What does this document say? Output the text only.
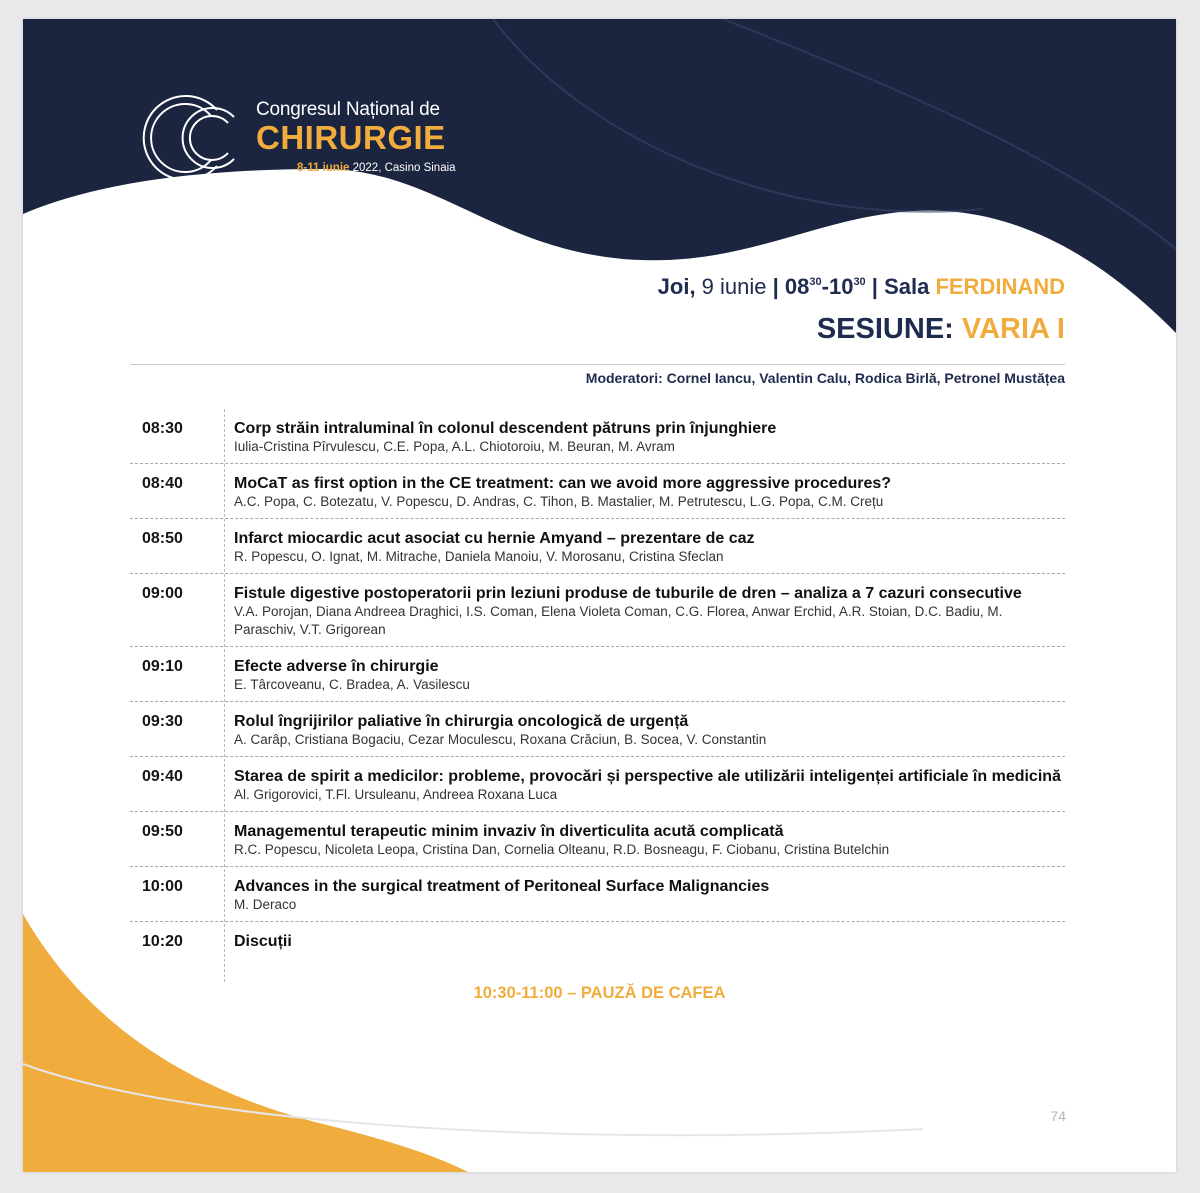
Congresul Național de
CHIRURGIE
8-11 iunie 2022, Casino Sinaia
Joi, 9 iunie | $08^{30}-10^{30}$ | Sala FERDINAND
SESIUNE: VARIA I
Moderatori: Cornel Iancu, Valentin Calu, Rodica Birlă, Petronel Mustățea
08:30	Corp străin intraluminal în colonul descendent pătruns prin înjunghiere
Iulia-Cristina Pîrvulescu, C.E. Popa, A.L. Chiotoroiu, M. Beuran, M. Avram
08:40	MoCaT as first option in the CE treatment: can we avoid more aggressive procedures?
A.C. Popa, C. Botezatu, V. Popescu, D. Andras, C. Tihon, B. Mastalier, M. Petrutescu, L.G. Popa, C.M. Crețu
08:50	Infarct miocardic acut asociat cu hernie Amyand – prezentare de caz
R. Popescu, O. Ignat, M. Mitrache, Daniela Manoiu, V. Morosanu, Cristina Sfeclan
09:00	Fistule digestive postoperatorii prin leziuni produse de tuburile de dren – analiza a 7 cazuri consecutive
V.A. Porojan, Diana Andreea Draghici, I.S. Coman, Elena Violeta Coman, C.G. Florea, Anwar Erchid, A.R. Stoian, D.C. Badiu, M. Paraschiv, V.T. Grigorean
09:10	Efecte adverse în chirurgie
E. Târcoveanu, C. Bradea, A. Vasilescu
09:30	Rolul îngrijirilor paliative în chirurgia oncologică de urgență
A. Carâp, Cristiana Bogaciu, Cezar Moculescu, Roxana Crăciun, B. Socea, V. Constantin
09:40	Starea de spirit a medicilor: probleme, provocări și perspective ale utilizării inteligenței artificiale în medicină
Al. Grigorovici, T.Fl. Ursuleanu, Andreea Roxana Luca
09:50	Managementul terapeutic minim invaziv în diverticulita acută complicată
R.C. Popescu, Nicoleta Leopa, Cristina Dan, Cornelia Olteanu, R.D. Bosneagu, F. Ciobanu, Cristina Butelchin
10:00	Advances in the surgical treatment of Peritoneal Surface Malignancies
M. Deraco
10:20	Discuții
10:30-11:00 – PAUZĂ DE CAFEA
74
